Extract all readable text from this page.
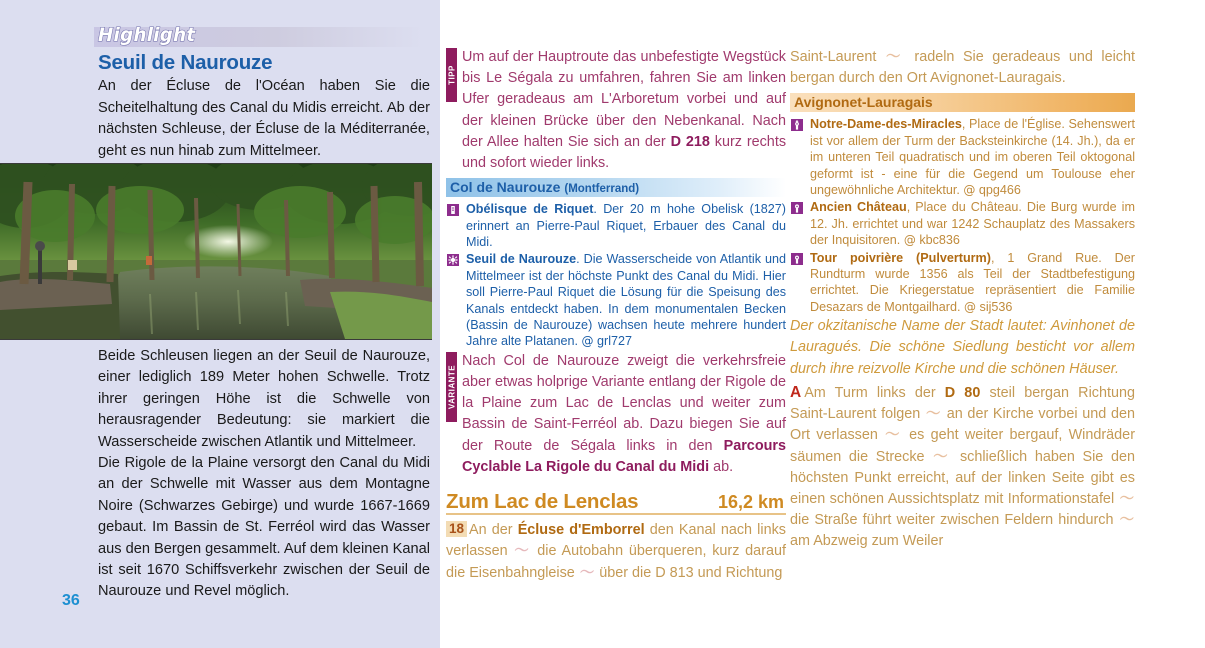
Highlight
Seuil de Naurouze
An der Écluse de l'Océan haben Sie die Scheitelhaltung des Canal du Midis erreicht. Ab der nächsten Schleuse, der Écluse de la Méditerranée, geht es nun hinab zum Mittelmeer.

Beide Schleusen liegen an der Seuil de Naurouze, einer lediglich 189 Meter hohen Schwelle. Trotz ihrer geringen Höhe ist die Schwelle von herausragender Bedeutung: sie markiert die Wasserscheide zwischen Atlantik und Mittelmeer.

Die Rigole de la Plaine versorgt den Canal du Midi an der Schwelle mit Wasser aus dem Montagne Noire (Schwarzes Gebirge) und wurde 1667-1669 gebaut. Im Bassin de St. Ferréol wird das Wasser aus den Bergen gesammelt. Auf dem kleinen Kanal ist seit 1670 Schiffsverkehr zwischen der Seuil de Naurouze und Revel möglich.

36
TIPP
Um auf der Hauptroute das unbefestigte Wegstück bis Le Ségala zu umfahren, fahren Sie am linken Ufer geradeaus am L'Arboretum vorbei und auf der kleinen Brücke über den Nebenkanal. Nach der Allee halten Sie sich an der D 218 kurz rechts und sofort wieder links.
Col de Naurouze (Montferrand)
Obélisque de Riquet. Der 20 m hohe Obelisk (1827) erinnert an Pierre-Paul Riquet, Erbauer des Canal du Midi.
Seuil de Naurouze. Die Wasserscheide von Atlantik und Mittelmeer ist der höchste Punkt des Canal du Midi. Hier soll Pierre-Paul Riquet die Lösung für die Speisung des Kanals entdeckt haben. In dem monumentalen Becken (Bassin de Naurouze) wachsen heute mehrere hundert Jahre alte Platanen. @ grl727
VARIANTE
Nach Col de Naurouze zweigt die verkehrsfreie aber etwas holprige Variante entlang der Rigole de la Plaine zum Lac de Lenclas und weiter zum Bassin de Saint-Ferréol ab. Dazu biegen Sie auf der Route de Ségala links in den Parcours Cyclable La Rigole du Canal du Midi ab.
Zum Lac de Lenclas	16,2 km
18 An der Écluse d'Emborrel den Kanal nach links verlassen 〜 die Autobahn überqueren, kurz darauf die Eisenbahngleise 〜 über die D 813 und Richtung
Saint-Laurent 〜 radeln Sie geradeaus und leicht bergan durch den Ort Avignonet-Lauragais.
Avignonet-Lauragais
Notre-Dame-des-Miracles, Place de l'Église. Sehenswert ist vor allem der Turm der Backsteinkirche (14. Jh.), da er im unteren Teil quadratisch und im oberen Teil oktogonal geformt ist - eine für die Gegend um Toulouse eher ungewöhnliche Architektur. @ qpg466
Ancien Château, Place du Château. Die Burg wurde im 12. Jh. errichtet und war 1242 Schauplatz des Massakers der Inquisitoren. @ kbc836
Tour poivrière (Pulverturm), 1 Grand Rue. Der Rundturm wurde 1356 als Teil der Stadtbefestigung errichtet. Die Kriegerstatue repräsentiert die Familie Desazars de Montgailhard. @ sij536
Der okzitanische Name der Stadt lautet: Avinhonet de Lauragués. Die schöne Siedlung besticht vor allem durch ihre reizvolle Kirche und die schönen Häuser.
A Am Turm links der D 80 steil bergan Richtung Saint-Laurent folgen 〜 an der Kirche vorbei und den Ort verlassen 〜 es geht weiter bergauf, Windräder säumen die Strecke 〜 schließlich haben Sie den höchsten Punkt erreicht, auf der linken Seite gibt es einen schönen Aussichtsplatz mit Informationstafel 〜 die Straße führt weiter zwischen Feldern hindurch 〜 am Abzweig zum Weiler
